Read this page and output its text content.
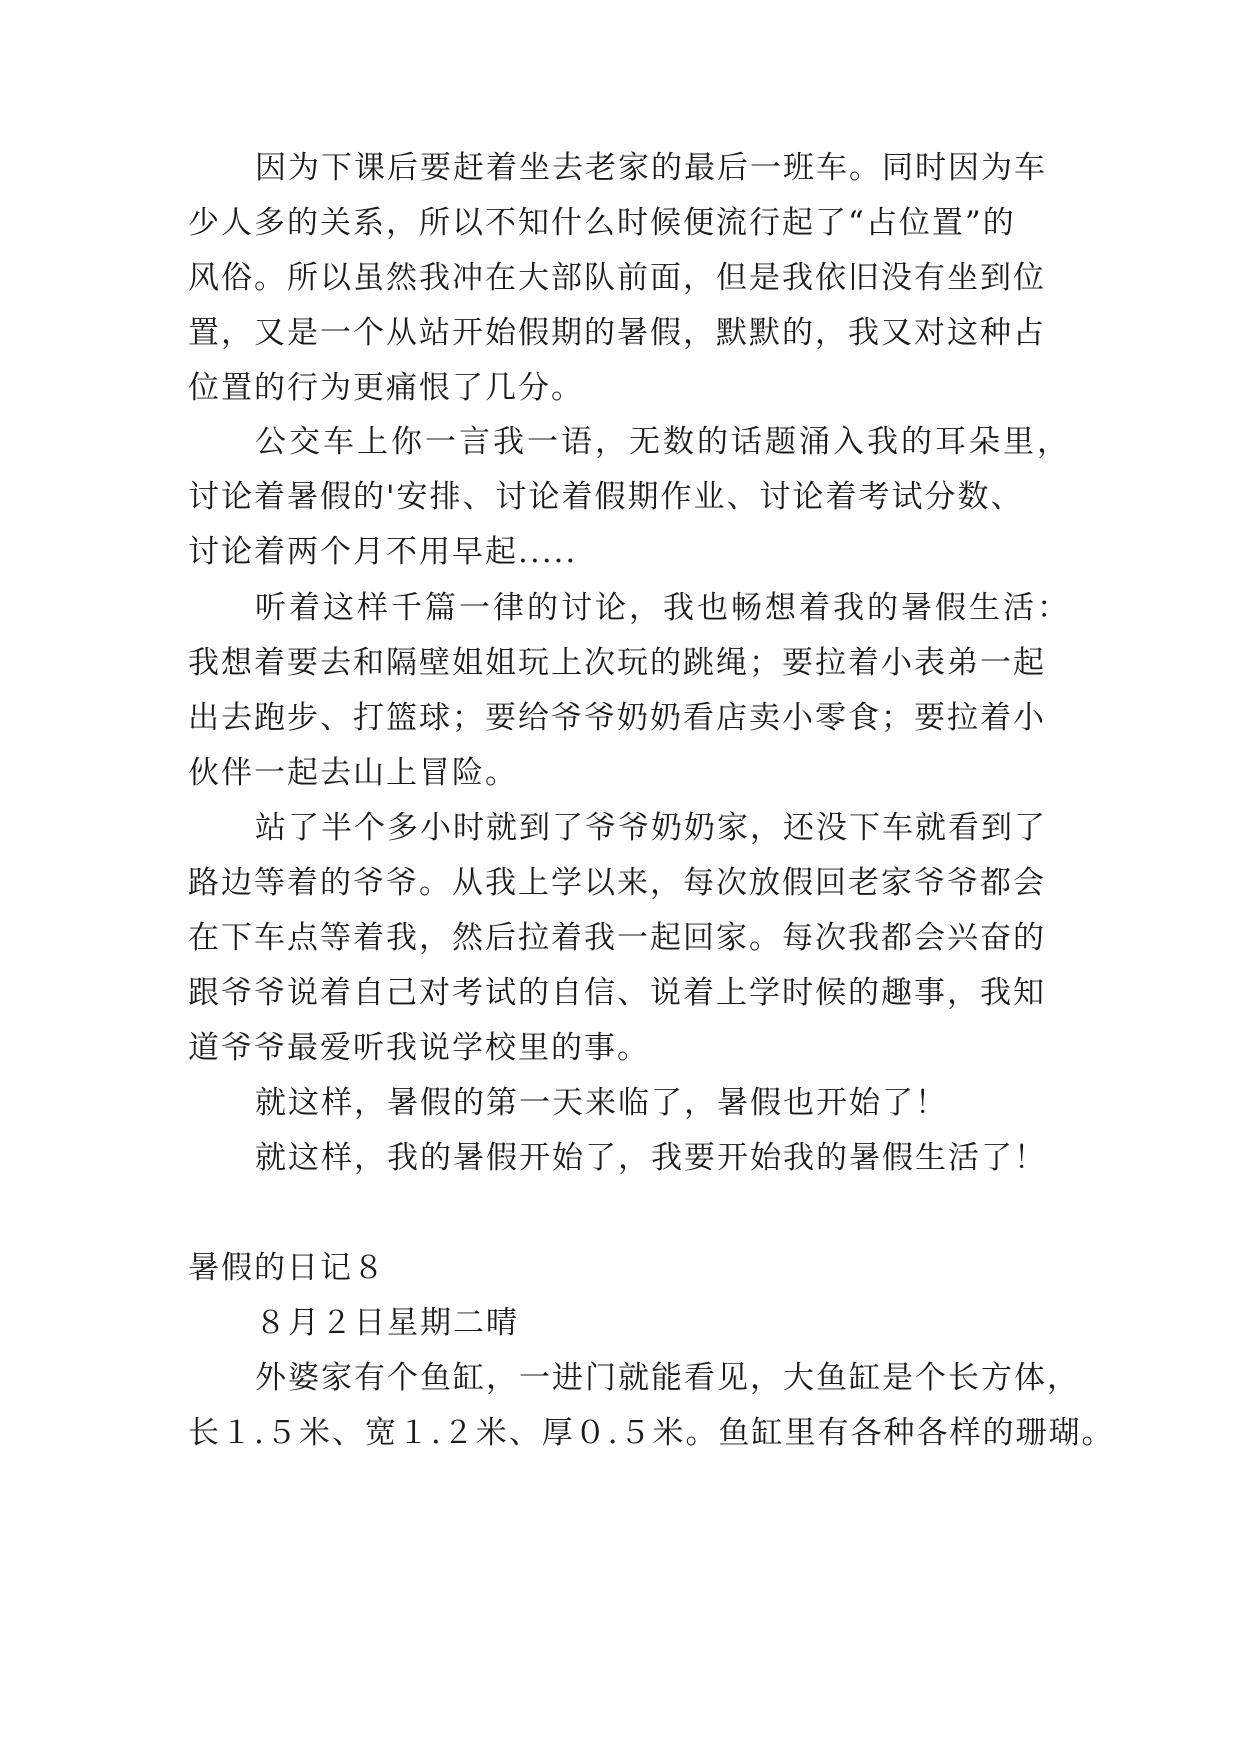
因为下课后要赶着坐去老家的最后一班车。同时因为车
少人多的关系，所以不知什么时候便流行起了“占位置”的
风俗。所以虽然我冲在大部队前面，但是我依旧没有坐到位
置，又是一个从站开始假期的暑假，默默的，我又对这种占
位置的行为更痛恨了几分。
公交车上你一言我一语，无数的话题涌入我的耳朵里，
讨论着暑假的'安排、讨论着假期作业、讨论着考试分数、
讨论着两个月不用早起.....
听着这样千篇一律的讨论，我也畅想着我的暑假生活：
我想着要去和隔壁姐姐玩上次玩的跳绳；要拉着小表弟一起
出去跑步、打篮球；要给爷爷奶奶看店卖小零食；要拉着小
伙伴一起去山上冒险。
站了半个多小时就到了爷爷奶奶家，还没下车就看到了
路边等着的爷爷。从我上学以来，每次放假回老家爷爷都会
在下车点等着我，然后拉着我一起回家。每次我都会兴奋的
跟爷爷说着自己对考试的自信、说着上学时候的趣事，我知
道爷爷最爱听我说学校里的事。
就这样，暑假的第一天来临了，暑假也开始了！
就这样，我的暑假开始了，我要开始我的暑假生活了！
暑假的日记８
８月２日星期二晴
外婆家有个鱼缸，一进门就能看见，大鱼缸是个长方体，
长１.５米、宽１.２米、厚０.５米。鱼缸里有各种各样的珊瑚。
